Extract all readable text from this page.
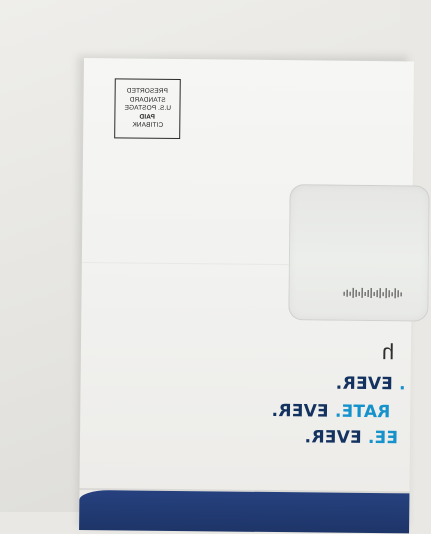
PRESORTED
STANDARD
U.S. POSTAGE
PAID
CITIBANK
h
. EVER.
RATE. EVER.
EE. EVER.
